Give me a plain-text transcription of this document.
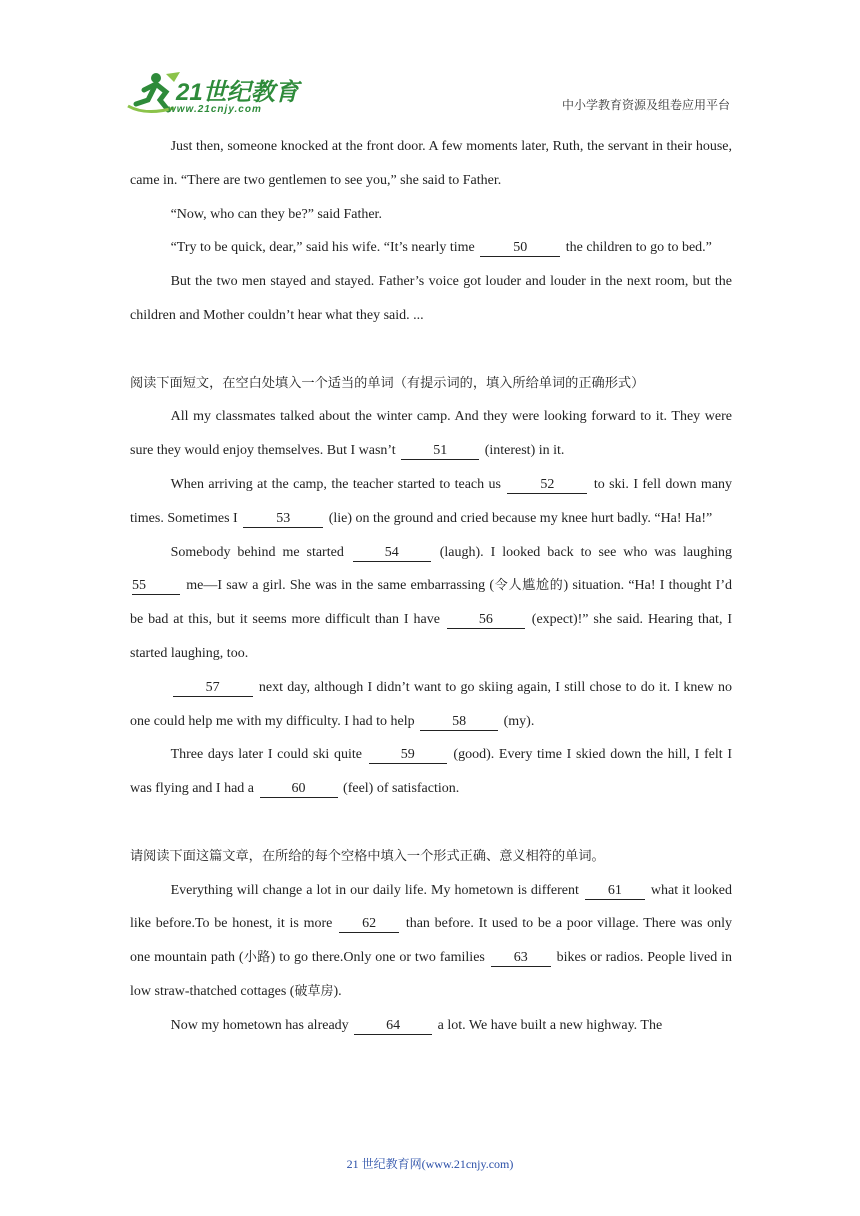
21世纪教育
www.21cnjy.com	中小学教育资源及组卷应用平台

Just then, someone knocked at the front door. A few moments later, Ruth, the servant in their house, came in. “There are two gentlemen to see you,” she said to Father.

“Now, who can they be?” said Father.

“Try to be quick, dear,” said his wife. “It’s nearly time	50	the children to go to bed.”

But the two men stayed and stayed. Father’s voice got louder and louder in the next room, but the children and Mother couldn’t hear what they said. ...

阅读下面短文，在空白处填入一个适当的单词（有提示词的，填入所给单词的正确形式）

All my classmates talked about the winter camp. And they were looking forward to it. They were sure they would enjoy themselves. But I wasn’t	51	(interest) in it.

When arriving at the camp, the teacher started to teach us	52	to ski. I fell down many times. Sometimes I	53	(lie) on the ground and cried because my knee hurt badly. “Ha! Ha!”

Somebody behind me started	54	(laugh). I looked back to see who was laughing 55	me—I saw a girl. She was in the same embarrassing (令人尴尬的) situation. “Ha! I thought I’d be bad at this, but it seems more difficult than I have	56	(expect)!” she said. Hearing that, I started laughing, too.

57	next day, although I didn’t want to go skiing again, I still chose to do it. I knew no one could help me with my difficulty. I had to help	58	(my).

Three days later I could ski quite	59	(good). Every time I skied down the hill, I felt I was flying and I had a	60	(feel) of satisfaction.

请阅读下面这篇文章，在所给的每个空格中填入一个形式正确、意义相符的单词。

Everything will change a lot in our daily life. My hometown is different 61 what it looked like before.To be honest, it is more 62 than before. It used to be a poor village. There was only one mountain path (小路) to go there.Only one or two families 63 bikes or radios. People lived in low straw-thatched cottages (破草房).

Now my hometown has already	64	a lot. We have built a new highway. The

21 世纪教育网(www.21cnjy.com)
